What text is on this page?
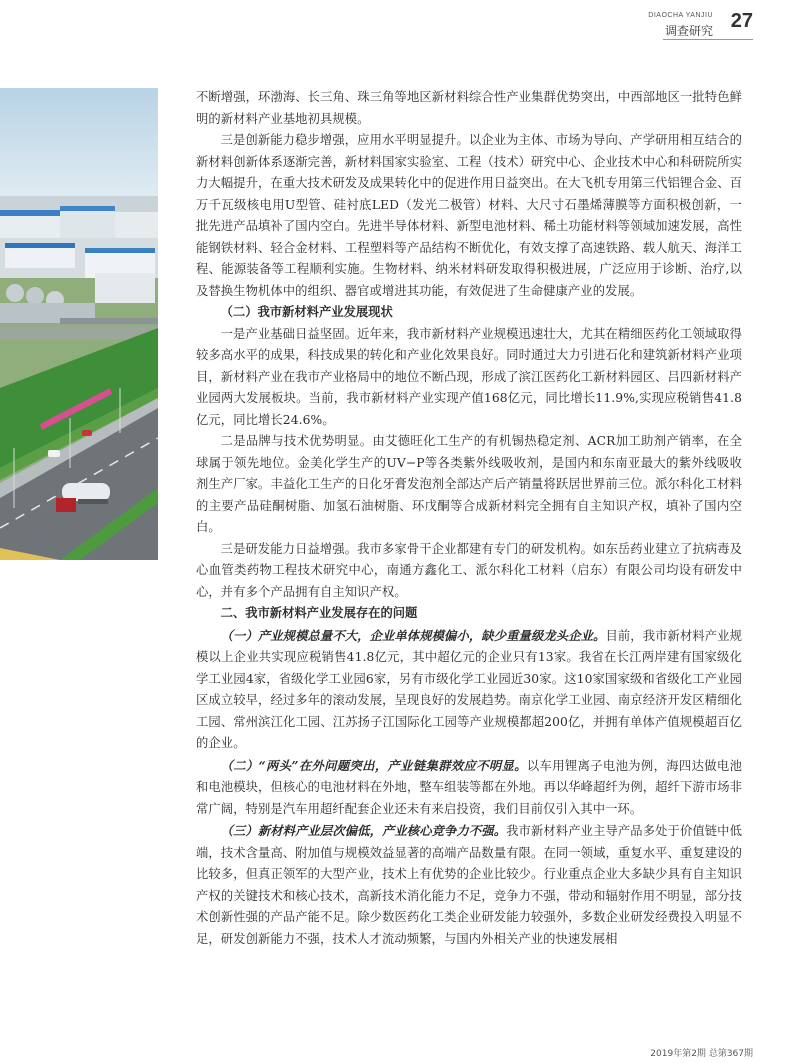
DIAOCHA YANJIU
调查研究 27

不断增强，环渤海、长三角、珠三角等地区新材料综合性产业集群优势突出，中西部地区一批特色鲜明的新材料产业基地初具规模。

三是创新能力稳步增强，应用水平明显提升。以企业为主体、市场为导向、产学研用相互结合的新材料创新体系逐渐完善，新材料国家实验室、工程（技术）研究中心、企业技术中心和科研院所实力大幅提升，在重大技术研发及成果转化中的促进作用日益突出。在大飞机专用第三代铝锂合金、百万千瓦级核电用U型管、硅衬底LED（发光二极管）材料、大尺寸石墨烯薄膜等方面积极创新，一批先进产品填补了国内空白。先进半导体材料、新型电池材料、稀土功能材料等领域加速发展，高性能钢铁材料、轻合金材料、工程塑料等产品结构不断优化，有效支撑了高速铁路、载人航天、海洋工程、能源装备等工程顺利实施。生物材料、纳米材料研发取得积极进展，广泛应用于诊断、治疗,以及替换生物机体中的组织、器官或增进其功能，有效促进了生命健康产业的发展。

（二）我市新材料产业发展现状

一是产业基础日益坚固。近年来，我市新材料产业规模迅速壮大，尤其在精细医药化工领域取得较多高水平的成果，科技成果的转化和产业化效果良好。同时通过大力引进石化和建筑新材料产业项目，新材料产业在我市产业格局中的地位不断凸现，形成了滨江医药化工新材料园区、吕四新材料产业园两大发展板块。当前，我市新材料产业实现产值168亿元，同比增长11.9%,实现应税销售41.8亿元，同比增长24.6%。

二是品牌与技术优势明显。由艾德旺化工生产的有机锡热稳定剂、ACR加工助剂产销率，在全球属于领先地位。金美化学生产的UV−P等各类紫外线吸收剂，是国内和东南亚最大的紫外线吸收剂生产厂家。丰益化工生产的日化牙膏发泡剂全部达产后产销量将跃居世界前三位。派尔科化工材料的主要产品硅酮树脂、加氢石油树脂、环戊酮等合成新材料完全拥有自主知识产权，填补了国内空白。

三是研发能力日益增强。我市多家骨干企业都建有专门的研发机构。如东岳药业建立了抗病毒及心血管类药物工程技术研究中心，南通方鑫化工、派尔科化工材料（启东）有限公司均设有研发中心，并有多个产品拥有自主知识产权。

二、我市新材料产业发展存在的问题

（一）产业规模总量不大，企业单体规模偏小，缺少重量级龙头企业。目前，我市新材料产业规模以上企业共实现应税销售41.8亿元，其中超亿元的企业只有13家。我省在长江两岸建有国家级化学工业园4家，省级化学工业园6家，另有市级化学工业园近30家。这10家国家级和省级化工产业园区成立较早，经过多年的滚动发展，呈现良好的发展趋势。南京化学工业园、南京经济开发区精细化工园、常州滨江化工园、江苏扬子江国际化工园等产业规模都超200亿，并拥有单体产值规模超百亿的企业。

（二）“两头”在外问题突出，产业链集群效应不明显。以车用锂离子电池为例，海四达做电池和电池模块，但核心的电池材料在外地，整车组装等都在外地。再以华峰超纤为例，超纤下游市场非常广阔，特别是汽车用超纤配套企业还未有来启投资，我们目前仅引入其中一环。

（三）新材料产业层次偏低，产业核心竞争力不强。我市新材料产业主导产品多处于价值链中低端，技术含量高、附加值与规模效益显著的高端产品数量有限。在同一领域，重复水平、重复建设的比较多，但真正领军的大型产业，技术上有优势的企业比较少。行业重点企业大多缺少具有自主知识产权的关键技术和核心技术，高新技术消化能力不足，竞争力不强，带动和辐射作用不明显，部分技术创新性强的产品产能不足。除少数医药化工类企业研发能力较强外，多数企业研发经费投入明显不足，研发创新能力不强，技术人才流动频繁，与国内外相关产业的快速发展相

2019年第2期 总第367期
